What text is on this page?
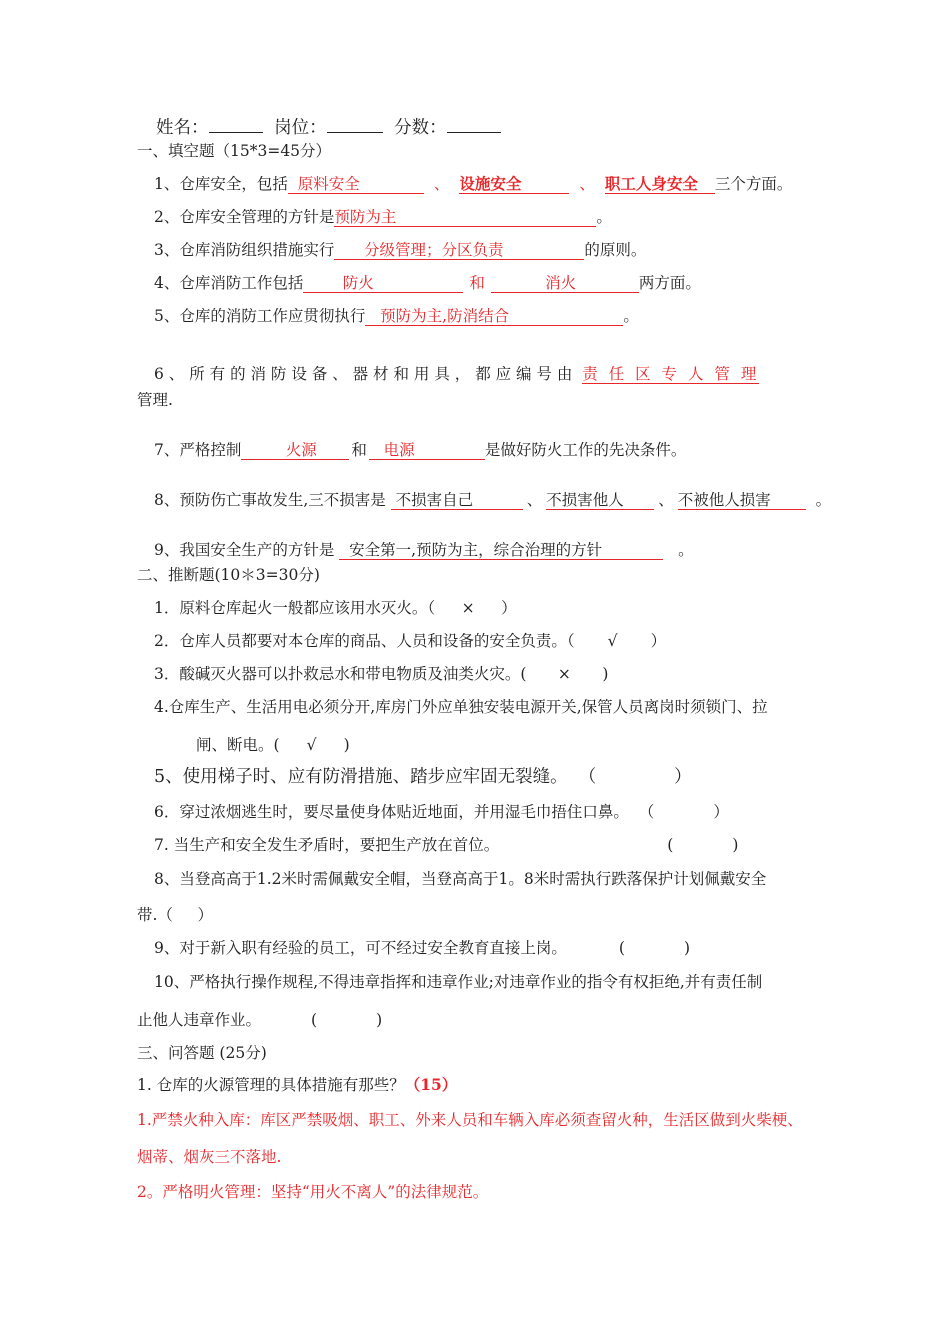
姓名：	岗位：	分数：
一、填空题（15*3=45分）
1、仓库安全，包括 原料安全	、 设施安全	、 职工人身安全 三个方面。
2、仓库安全管理的方针是预防为主	。
3、仓库消防组织措施实行 分级管理；分区负责	的原则。
4、仓库消防工作包括	防火	和	消火	两方面。
5、仓库的消防工作应贯彻执行 预防为主,防消结合	。
6 、 所 有 的 消 防 设 备 、 器 材 和 用 具 ， 都 应 编 号 由 责 任 区 专 人 管 理
管理.
7、严格控制	火源 和 电源	是做好防火工作的先决条件。
8、预防伤亡事故发生,三不损害是 不损害自己	、 不损害他人 、 不被他人损害	。
9、我国安全生产的方针是 安全第一,预防为主，综合治理的方针	。
二、推断题(10＊3=30分)
1．原料仓库起火一般都应该用水灭火。（ × ）
2．仓库人员都要对本仓库的商品、人员和设备的安全负责。（ √ ）
3．酸碱灭火器可以扑救忌水和带电物质及油类火灾。( × )
4.仓库生产、生活用电必须分开,库房门外应单独安装电源开关,保管人员离岗时须锁门、拉
闸、断电。( √ )
5、使用梯子时、应有防滑措施、踏步应牢固无裂缝。 （              ）
6．穿过浓烟逃生时，要尽量使身体贴近地面，并用湿毛巾捂住口鼻。 （            ）
7. 当生产和安全发生矛盾时，要把生产放在首位。	(            )
8、当登高高于1.2米时需佩戴安全帽，当登高高于1。8米时需执行跌落保护计划佩戴安全
带.（     ）
9、对于新入职有经验的员工，可不经过安全教育直接上岗。	(            )
10、严格执行操作规程,不得违章指挥和违章作业;对违章作业的指令有权拒绝,并有责任制
止他人违章作业。	(            )
三、问答题 (25分)
1. 仓库的火源管理的具体措施有那些？（15）
1.严禁火种入库：库区严禁吸烟、职工、外来人员和车辆入库必须查留火种，生活区做到火柴梗、
烟蒂、烟灰三不落地.
2。严格明火管理：坚持“用火不离人”的法律规范。
